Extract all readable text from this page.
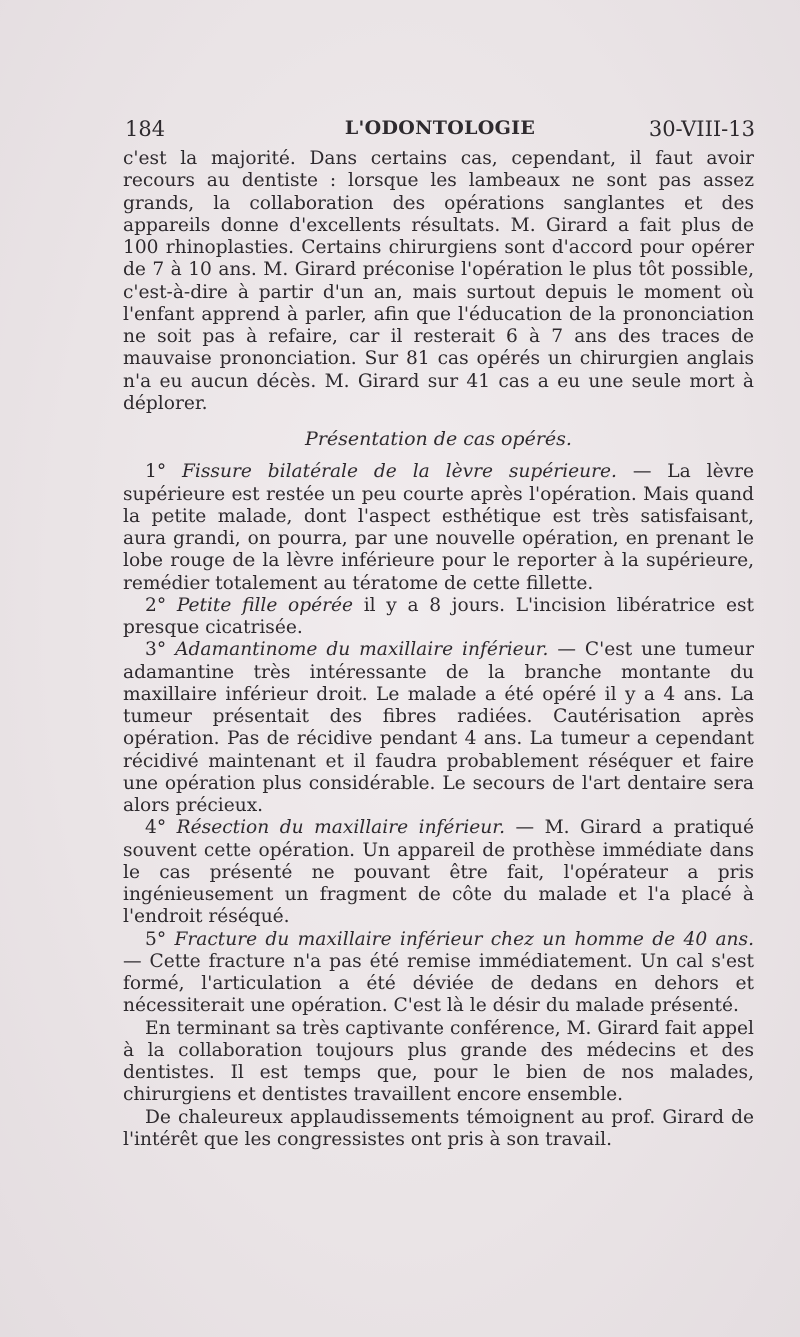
184	L'ODONTOLOGIE	30-VIII-13

c'est la majorité. Dans certains cas, cependant, il faut avoir recours au dentiste : lorsque les lambeaux ne sont pas assez grands, la collaboration des opérations sanglantes et des appareils donne d'excellents résultats. M. Girard a fait plus de 100 rhinoplasties. Certains chirurgiens sont d'accord pour opérer de 7 à 10 ans. M. Girard préconise l'opération le plus tôt possible, c'est-à-dire à partir d'un an, mais surtout depuis le moment où l'enfant apprend à parler, afin que l'éducation de la prononciation ne soit pas à refaire, car il resterait 6 à 7 ans des traces de mauvaise prononciation. Sur 81 cas opérés un chirurgien anglais n'a eu aucun décès. M. Girard sur 41 cas a eu une seule mort à déplorer.

Présentation de cas opérés.

1° Fissure bilatérale de la lèvre supérieure. — La lèvre supérieure est restée un peu courte après l'opération. Mais quand la petite malade, dont l'aspect esthétique est très satisfaisant, aura grandi, on pourra, par une nouvelle opération, en prenant le lobe rouge de la lèvre inférieure pour le reporter à la supérieure, remédier totalement au tératome de cette fillette.

2° Petite fille opérée il y a 8 jours. L'incision libératrice est presque cicatrisée.

3° Adamantinome du maxillaire inférieur. — C'est une tumeur adamantine très intéressante de la branche montante du maxillaire inférieur droit. Le malade a été opéré il y a 4 ans. La tumeur présentait des fibres radiées. Cautérisation après opération. Pas de récidive pendant 4 ans. La tumeur a cependant récidivé maintenant et il faudra probablement réséquer et faire une opération plus considérable. Le secours de l'art dentaire sera alors précieux.

4° Résection du maxillaire inférieur. — M. Girard a pratiqué souvent cette opération. Un appareil de prothèse immédiate dans le cas présenté ne pouvant être fait, l'opérateur a pris ingénieusement un fragment de côte du malade et l'a placé à l'endroit réséqué.

5° Fracture du maxillaire inférieur chez un homme de 40 ans. — Cette fracture n'a pas été remise immédiatement. Un cal s'est formé, l'articulation a été déviée de dedans en dehors et nécessiterait une opération. C'est là le désir du malade présenté.

En terminant sa très captivante conférence, M. Girard fait appel à la collaboration toujours plus grande des médecins et des dentistes. Il est temps que, pour le bien de nos malades, chirurgiens et dentistes travaillent encore ensemble.

De chaleureux applaudissements témoignent au prof. Girard de l'intérêt que les congressistes ont pris à son travail.
